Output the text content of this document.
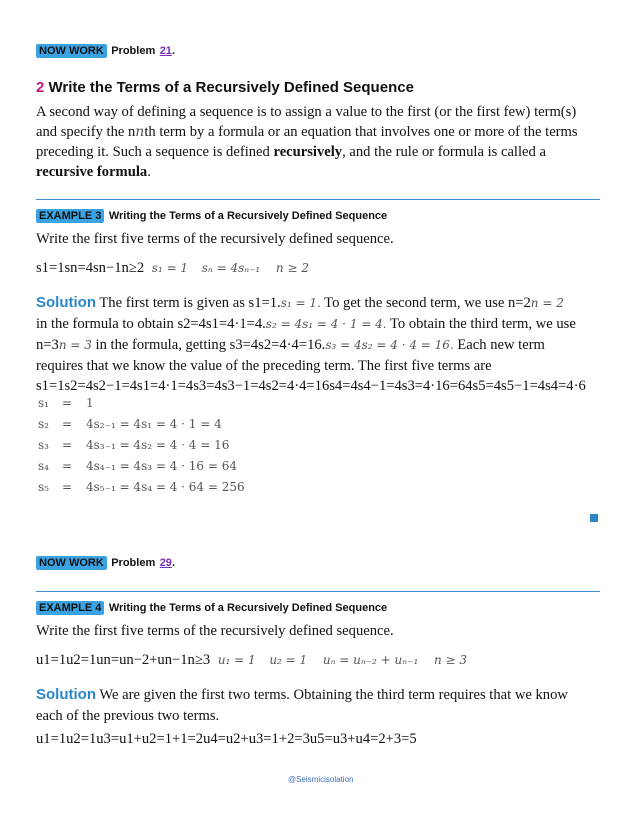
NOW WORK Problem 21.
2 Write the Terms of a Recursively Defined Sequence
A second way of defining a sequence is to assign a value to the first (or the first few) term(s)
and specify the nnth term by a formula or an equation that involves one or more of the terms
preceding it. Such a sequence is defined recursively, and the rule or formula is called a
recursive formula.
EXAMPLE 3 Writing the Terms of a Recursively Defined Sequence
Write the first five terms of the recursively defined sequence.
s1=1sn=4sn−1n≥2 s₁ = 1 sₙ = 4sₙ₋₁ n ≥ 2
Solution The first term is given as s1=1.s₁ = 1. To get the second term, we use n=2n = 2
in the formula to obtain s2=4s1=4·1=4.s₂ = 4s₁ = 4 · 1 = 4. To obtain the third term, we use
n=3n = 3 in the formula, getting s3=4s2=4·4=16.s₃ = 4s₂ = 4 · 4 = 16. Each new term
requires that we know the value of the preceding term. The first five terms are
s1=1s2=4s2−1=4s1=4·1=4s3=4s3−1=4s2=4·4=16s4=4s4−1=4s3=4·16=64s5=4s5−1=4s4=4·6
s₁ = 1
s₂ = 4s₂₋₁ = 4s₁ = 4 · 1 = 4
s₃ = 4s₃₋₁ = 4s₂ = 4 · 4 = 16
s₄ = 4s₄₋₁ = 4s₃ = 4 · 16 = 64
s₅ = 4s₅₋₁ = 4s₄ = 4 · 64 = 256
NOW WORK Problem 29.
EXAMPLE 4 Writing the Terms of a Recursively Defined Sequence
Write the first five terms of the recursively defined sequence.
u1=1u2=1un=un−2+un−1n≥3 u₁ = 1 u₂ = 1 uₙ = uₙ₋₂ + uₙ₋₁ n ≥ 3
Solution We are given the first two terms. Obtaining the third term requires that we know
each of the previous two terms.
u1=1u2=1u3=u1+u2=1+1=2u4=u2+u3=1+2=3u5=u3+u4=2+3=5
@Seismicisolation
